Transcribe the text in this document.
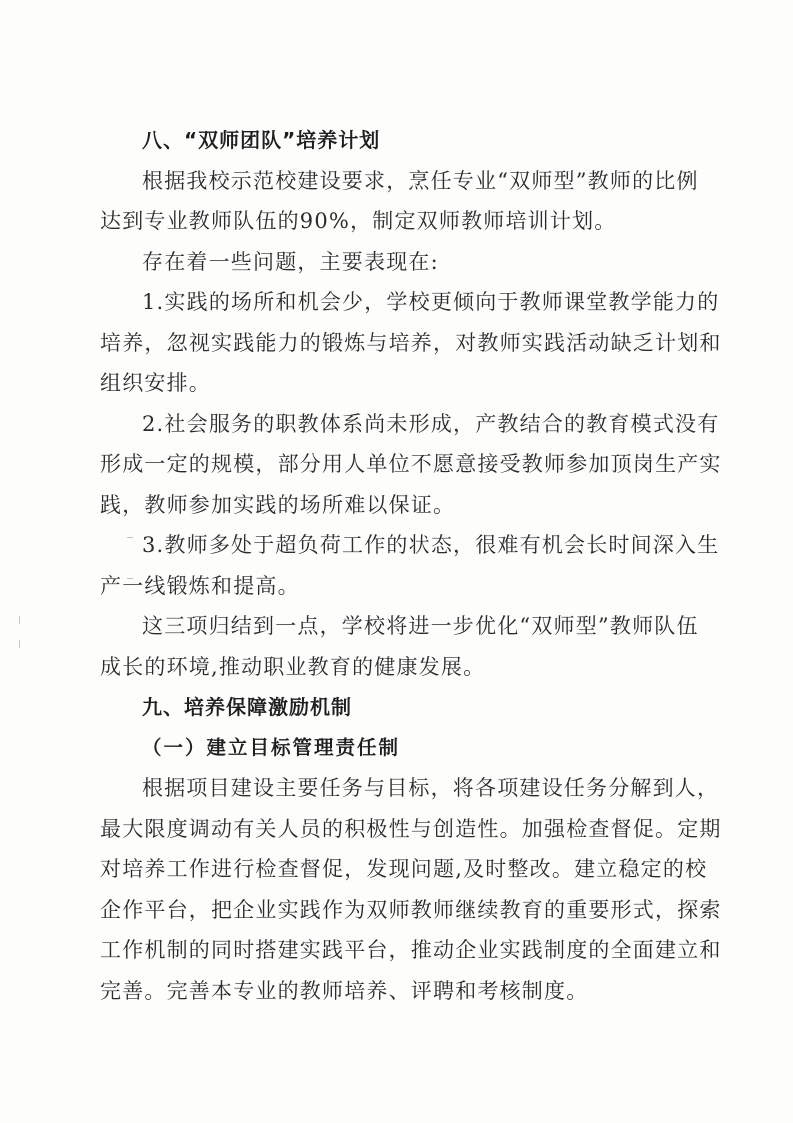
八、“双师团队”培养计划
根据我校示范校建设要求，烹任专业“双师型”教师的比例
达到专业教师队伍的90%，制定双师教师培训计划。
存在着一些问题，主要表现在:
1.实践的场所和机会少，学校更倾向于教师课堂教学能力的
培养，忽视实践能力的锻炼与培养，对教师实践活动缺乏计划和
组织安排。
2.社会服务的职教体系尚未形成，产教结合的教育模式没有
形成一定的规模，部分用人单位不愿意接受教师参加顶岗生产实
践，教师参加实践的场所难以保证。
3.教师多处于超负荷工作的状态，很难有机会长时间深入生
产一线锻炼和提高。
这三项归结到一点，学校将进一步优化“双师型”教师队伍
成长的环境,推动职业教育的健康发展。
九、培养保障激励机制
（一）建立目标管理责任制
根据项目建设主要任务与目标，将各项建设任务分解到人，
最大限度调动有关人员的积极性与创造性。加强检查督促。定期
对培养工作进行检查督促，发现问题,及时整改。建立稳定的校
企作平台，把企业实践作为双师教师继续教育的重要形式，探索
工作机制的同时搭建实践平台，推动企业实践制度的全面建立和
完善。完善本专业的教师培养、评聘和考核制度。
